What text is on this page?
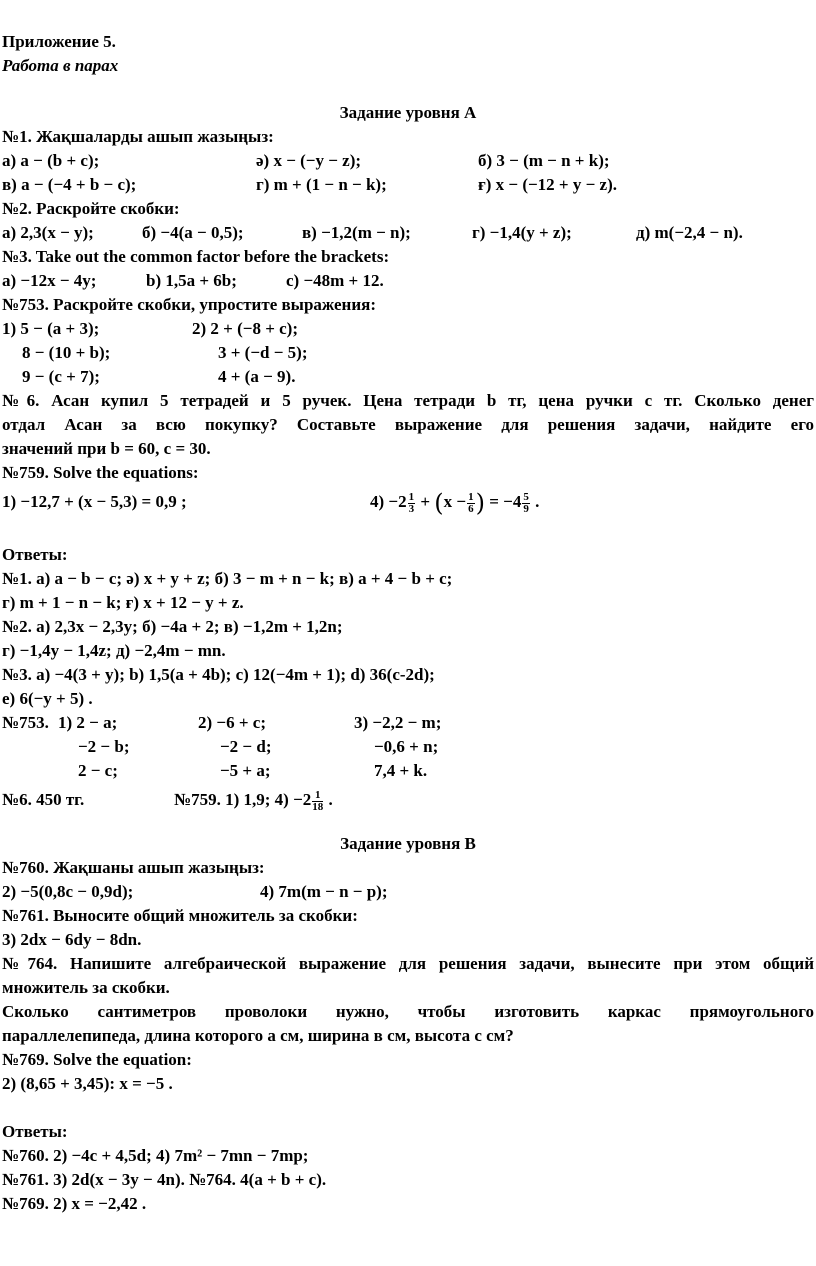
Приложение 5.
Работа в парах
Задание уровня А
№1. Жақшаларды ашып жазыңыз:
а) a − (b + c);	ә) x − (−y − z);	б) 3 − (m − n + k);
в) a − (−4 + b − c);	г) m + (1 − n − k);	ғ) x − (−12 + y − z).
№2. Раскройте скобки:
а) 2,3(x − y);	б) −4(a − 0,5);	в) −1,2(m − n);	г) −1,4(y + z);	д) m(−2,4 − n).
№3. Take out the common factor before the brackets:
а) −12x − 4y;	b) 1,5a + 6b;	c) −48m + 12.
№753. Раскройте скобки, упростите выражения:
1) 5 − (a + 3);	2) 2 + (−8 + c);
8 − (10 + b);	3 + (−d − 5);
9 − (c + 7);	4 + (a − 9).
№6. Асан купил 5 тетрадей и 5 ручек. Цена тетради b тг, цена ручки c тг. Сколько денег
отдал Асан за всю покупку? Составьте выражение для решения задачи, найдите его
значений при b = 60, c = 30.
№759. Solve the equations:
1) −12,7 + (x − 5,3) = 0,9 ;	$4) -2 \frac{1}{3} + (x - \frac{1}{6}$ ) = $-4 \frac{5}{9}$ .
Ответы:
№1. а) a − b − c; ә) x + y + z; б) 3 − m + n − k; в) a + 4 − b + c;
г) m + 1 − n − k; ғ) x + 12 − y + z.
№2. а) 2,3x − 2,3y; б) −4a + 2; в) −1,2m + 1,2n;
г) −1,4y − 1,4z; д) −2,4m − mn.
№3. а) −4(3 + y); b) 1,5(a + 4b); c) 12(−4m + 1); d) 36(c-2d);
е) 6(−y + 5) .
№753. 1) 2 − a;	2) −6 + c;	3) −2,2 − m;
−2 − b;	−2 − d;	−0,6 + n;
2 − c;	−5 + a;	7,4 + k.
№6. 450 тг.	№759. 1) 1,9; $4) -2 \frac{1}{18}$ .
Задание уровня В
№760. Жақшаны ашып жазыңыз:
2) −5(0,8c − 0,9d);	4) 7m(m − n − p);
№761. Выносите общий множитель за скобки:
3) 2dx − 6dy − 8dn.
№764. Напишите алгебраической выражение для решения задачи, вынесите при этом общий
множитель за скобки.
Сколько сантиметров проволоки нужно, чтобы изготовить каркас прямоугольного
параллелепипеда, длина которого а см, ширина в см, высота с см?
№769. Solve the equation:
2) (8,65 + 3,45): x = −5 .
Ответы:
№760. 2) −4c + 4,5d; 4) 7m² − 7mn − 7mp;
№761. 3) 2d(x − 3y − 4n). №764. 4(a + b + c).
№769. 2) x = −2,42 .
